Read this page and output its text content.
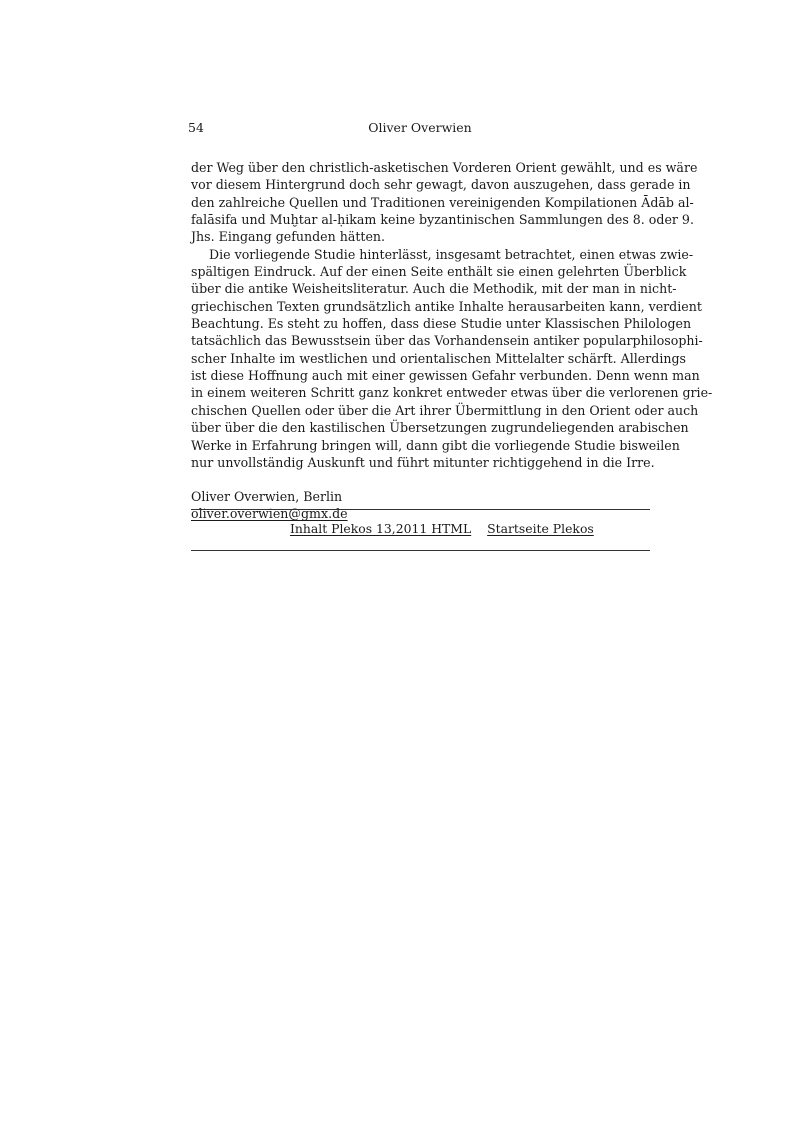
54	Oliver Overwien

der Weg über den christlich-asketischen Vorderen Orient gewählt, und es wäre
vor diesem Hintergrund doch sehr gewagt, davon auszugehen, dass gerade in
den zahlreiche Quellen und Traditionen vereinigenden Kompilationen Ādāb al-
falāsifa und Muḫtar al-ḥikam keine byzantinischen Sammlungen des 8. oder 9.
Jhs. Eingang gefunden hätten.

Die vorliegende Studie hinterlässt, insgesamt betrachtet, einen etwas zwie-
spältigen Eindruck. Auf der einen Seite enthält sie einen gelehrten Überblick
über die antike Weisheitsliteratur. Auch die Methodik, mit der man in nicht-
griechischen Texten grundsätzlich antike Inhalte herausarbeiten kann, verdient
Beachtung. Es steht zu hoffen, dass diese Studie unter Klassischen Philologen
tatsächlich das Bewusstsein über das Vorhandensein antiker popularphilosophi-
scher Inhalte im westlichen und orientalischen Mittelalter schärft. Allerdings
ist diese Hoffnung auch mit einer gewissen Gefahr verbunden. Denn wenn man
in einem weiteren Schritt ganz konkret entweder etwas über die verlorenen grie-
chischen Quellen oder über die Art ihrer Übermittlung in den Orient oder auch
über über die den kastilischen Übersetzungen zugrundeliegenden arabischen
Werke in Erfahrung bringen will, dann gibt die vorliegende Studie bisweilen
nur unvollständig Auskunft und führt mitunter richtiggehend in die Irre.

Oliver Overwien, Berlin
oliver.overwien@gmx.de
Inhalt Plekos 13,2011 HTML Startseite Plekos
